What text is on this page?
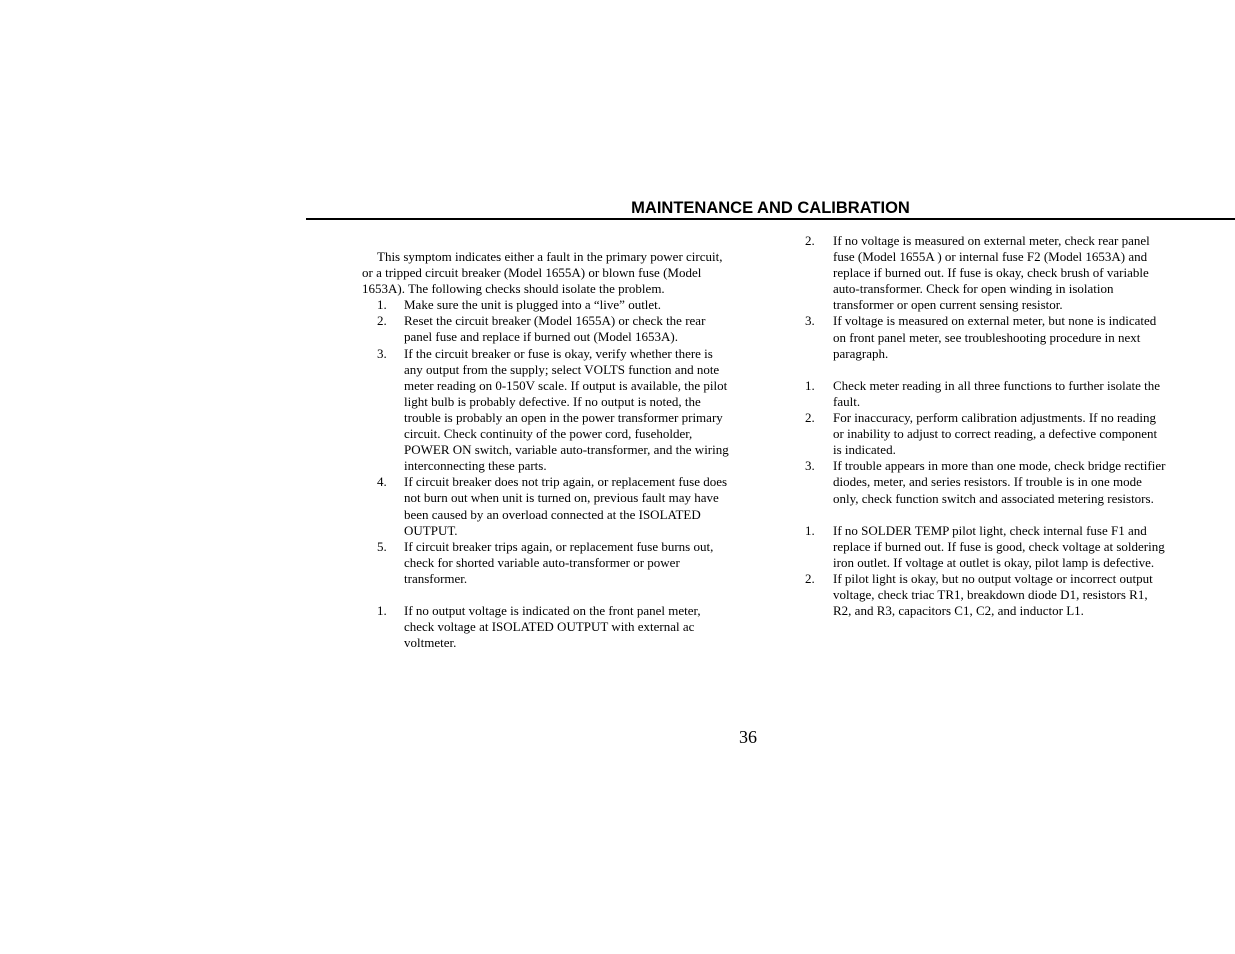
MAINTENANCE AND CALIBRATION

This symptom indicates either a fault in the primary power circuit, or a tripped circuit breaker (Model 1655A) or blown fuse (Model 1653A). The following checks should isolate the problem.

1. Make sure the unit is plugged into a “live” outlet.
2. Reset the circuit breaker (Model 1655A) or check the rear panel fuse and replace if burned out (Model 1653A).
3. If the circuit breaker or fuse is okay, verify whether there is any output from the supply; select VOLTS function and note meter reading on 0-150V scale. If output is available, the pilot light bulb is probably defective. If no output is noted, the trouble is probably an open in the power transformer primary circuit. Check continuity of the power cord, fuseholder, POWER ON switch, variable auto-transformer, and the wiring interconnecting these parts.
4. If circuit breaker does not trip again, or replacement fuse does not burn out when unit is turned on, previous fault may have been caused by an overload connected at the ISOLATED OUTPUT.
5. If circuit breaker trips again, or replacement fuse burns out, check for shorted variable auto-transformer or power transformer.
1. If no output voltage is indicated on the front panel meter, check voltage at ISOLATED OUTPUT with external ac voltmeter.
2. If no voltage is measured on external meter, check rear panel fuse (Model 1655A ) or internal fuse F2 (Model 1653A) and replace if burned out. If fuse is okay, check brush of variable auto-transformer. Check for open winding in isolation transformer or open current sensing resistor.
3. If voltage is measured on external meter, but none is indicated on front panel meter, see troubleshooting procedure in next paragraph.
1. Check meter reading in all three functions to further isolate the fault.
2. For inaccuracy, perform calibration adjustments. If no reading or inability to adjust to correct reading, a defective component is indicated.
3. If trouble appears in more than one mode, check bridge rectifier diodes, meter, and series resistors. If trouble is in one mode only, check function switch and associated metering resistors.
1. If no SOLDER TEMP pilot light, check internal fuse F1 and replace if burned out. If fuse is good, check voltage at soldering iron outlet. If voltage at outlet is okay, pilot lamp is defective.
2. If pilot light is okay, but no output voltage or incorrect output voltage, check triac TR1, breakdown diode D1, resistors R1, R2, and R3, capacitors C1, C2, and inductor L1.
36
